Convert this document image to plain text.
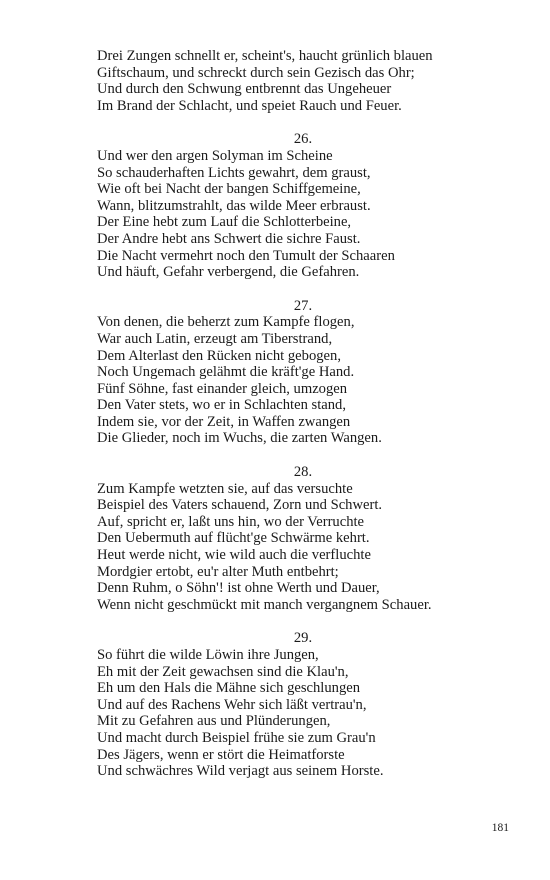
Drei Zungen schnellt er, scheint's, haucht grünlich blauen
Giftschaum, und schreckt durch sein Gezisch das Ohr;
Und durch den Schwung entbrennt das Ungeheuer
Im Brand der Schlacht, und speiet Rauch und Feuer.
26.
Und wer den argen Solyman im Scheine
So schauderhaften Lichts gewahrt, dem graust,
Wie oft bei Nacht der bangen Schiffgemeine,
Wann, blitzumstrahlt, das wilde Meer erbraust.
Der Eine hebt zum Lauf die Schlotterbeine,
Der Andre hebt ans Schwert die sichre Faust.
Die Nacht vermehrt noch den Tumult der Schaaren
Und häuft, Gefahr verbergend, die Gefahren.
27.
Von denen, die beherzt zum Kampfe flogen,
War auch Latin, erzeugt am Tiberstrand,
Dem Alterlast den Rücken nicht gebogen,
Noch Ungemach gelähmt die kräft'ge Hand.
Fünf Söhne, fast einander gleich, umzogen
Den Vater stets, wo er in Schlachten stand,
Indem sie, vor der Zeit, in Waffen zwangen
Die Glieder, noch im Wuchs, die zarten Wangen.
28.
Zum Kampfe wetzten sie, auf das versuchte
Beispiel des Vaters schauend, Zorn und Schwert.
Auf, spricht er, laßt uns hin, wo der Verruchte
Den Uebermuth auf flücht'ge Schwärme kehrt.
Heut werde nicht, wie wild auch die verfluchte
Mordgier ertobt, eu'r alter Muth entbehrt;
Denn Ruhm, o Söhn'! ist ohne Werth und Dauer,
Wenn nicht geschmückt mit manch vergangnem Schauer.
29.
So führt die wilde Löwin ihre Jungen,
Eh mit der Zeit gewachsen sind die Klau'n,
Eh um den Hals die Mähne sich geschlungen
Und auf des Rachens Wehr sich läßt vertrau'n,
Mit zu Gefahren aus und Plünderungen,
Und macht durch Beispiel frühe sie zum Grau'n
Des Jägers, wenn er stört die Heimatforste
Und schwächres Wild verjagt aus seinem Horste.
181
